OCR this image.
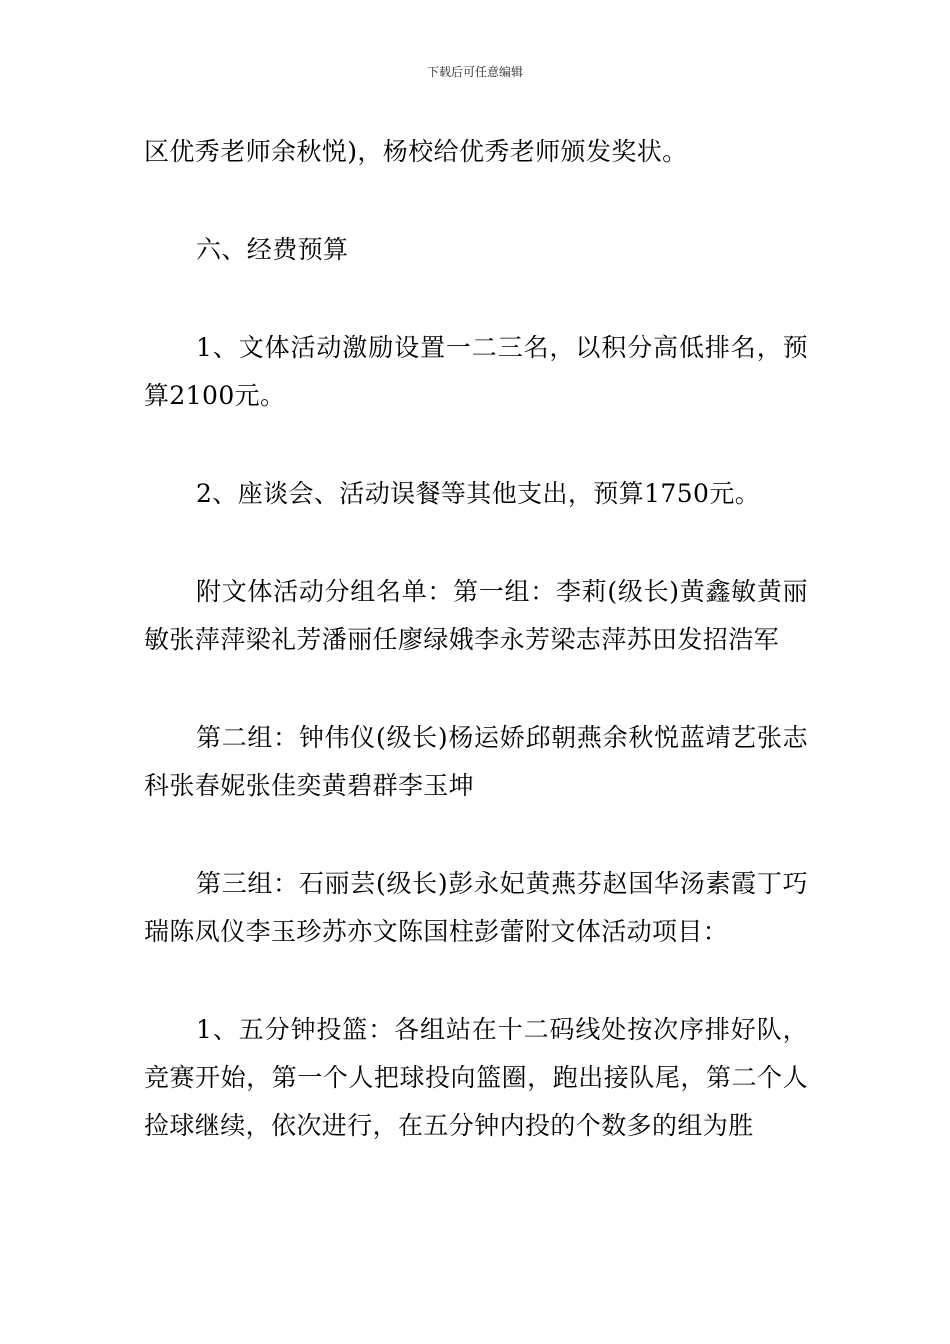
下载后可任意编辑

区优秀老师余秋悦)，杨校给优秀老师颁发奖状。

六、经费预算

1、文体活动激励设置一二三名，以积分高低排名，预算2100元。

2、座谈会、活动误餐等其他支出，预算1750元。

附文体活动分组名单：第一组：李莉(级长)黄鑫敏黄丽敏张萍萍梁礼芳潘丽任廖绿娥李永芳梁志萍苏田发招浩军

第二组：钟伟仪(级长)杨运娇邱朝燕余秋悦蓝靖艺张志科张春妮张佳奕黄碧群李玉坤

第三组：石丽芸(级长)彭永妃黄燕芬赵国华汤素霞丁巧瑞陈凤仪李玉珍苏亦文陈国柱彭蕾附文体活动项目：

1、五分钟投篮：各组站在十二码线处按次序排好队，竞赛开始，第一个人把球投向篮圈，跑出接队尾，第二个人捡球继续，依次进行，在五分钟内投的个数多的组为胜
